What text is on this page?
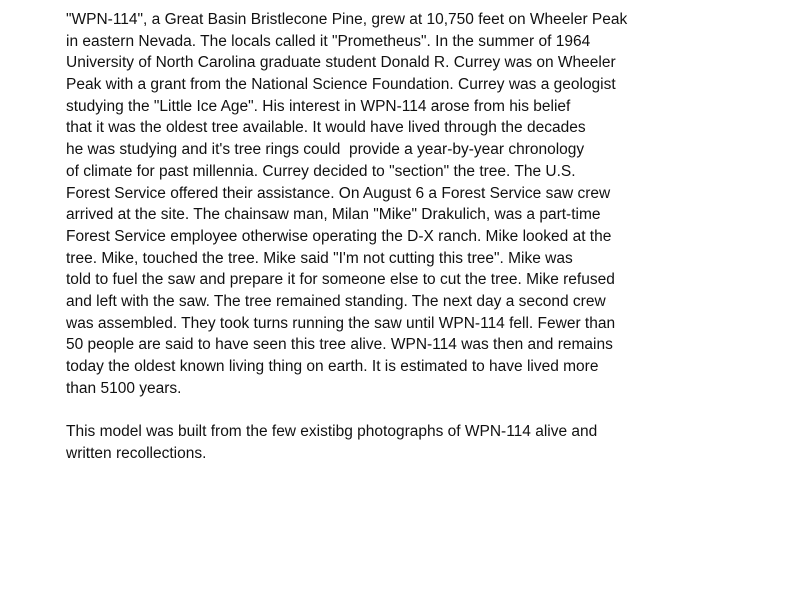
"WPN-114", a Great Basin Bristlecone Pine, grew at 10,750 feet on Wheeler Peak
in eastern Nevada. The locals called it "Prometheus". In the summer of 1964
University of North Carolina graduate student Donald R. Currey was on Wheeler
Peak with a grant from the National Science Foundation. Currey was a geologist
studying the "Little Ice Age". His interest in WPN-114 arose from his belief
that it was the oldest tree available. It would have lived through the decades
he was studying and it's tree rings could  provide a year-by-year chronology
of climate for past millennia. Currey decided to "section" the tree. The U.S.
Forest Service offered their assistance. On August 6 a Forest Service saw crew
arrived at the site. The chainsaw man, Milan "Mike" Drakulich, was a part-time
Forest Service employee otherwise operating the D-X ranch. Mike looked at the
tree. Mike, touched the tree. Mike said "I'm not cutting this tree". Mike was
told to fuel the saw and prepare it for someone else to cut the tree. Mike refused
and left with the saw. The tree remained standing. The next day a second crew
was assembled. They took turns running the saw until WPN-114 fell. Fewer than
50 people are said to have seen this tree alive. WPN-114 was then and remains
today the oldest known living thing on earth. It is estimated to have lived more
than 5100 years.
This model was built from the few existibg photographs of WPN-114 alive and
written recollections.
